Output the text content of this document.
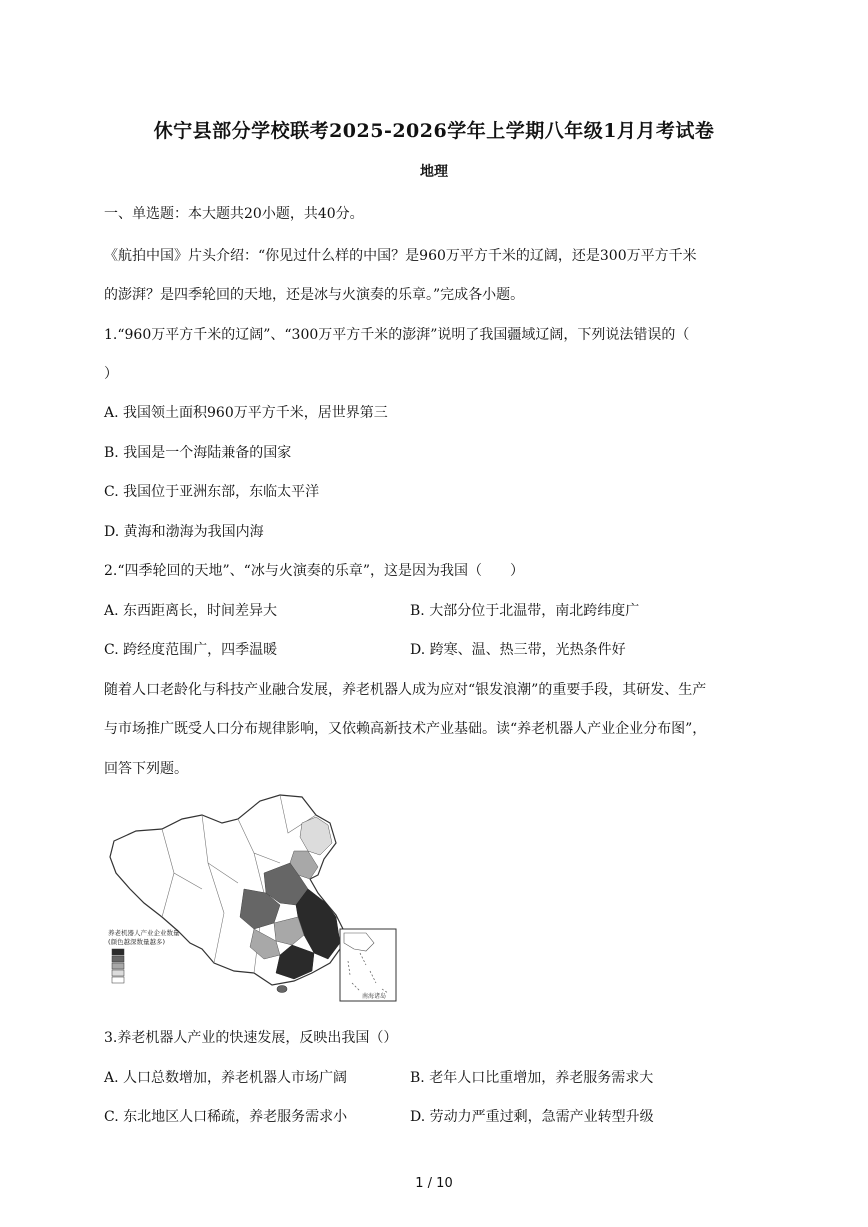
休宁县部分学校联考2025-2026学年上学期八年级1月月考试卷
地理
一、单选题：本大题共20小题，共40分。
《航拍中国》片头介绍：“你见过什么样的中国？是960万平方千米的辽阔，还是300万平方千米
的澎湃？是四季轮回的天地，还是冰与火演奏的乐章。”完成各小题。
1.“960万平方千米的辽阔”、“300万平方千米的澎湃”说明了我国疆域辽阔，下列说法错误的（
）
A. 我国领土面积960万平方千米，居世界第三
B. 我国是一个海陆兼备的国家
C. 我国位于亚洲东部，东临太平洋
D. 黄海和渤海为我国内海
2.“四季轮回的天地”、“冰与火演奏的乐章”，这是因为我国（　　）
A. 东西距离长，时间差异大	B. 大部分位于北温带，南北跨纬度广
C. 跨经度范围广，四季温暖	D. 跨寒、温、热三带，光热条件好
随着人口老龄化与科技产业融合发展，养老机器人成为应对“银发浪潮”的重要手段，其研发、生产
与市场推广既受人口分布规律影响，又依赖高新技术产业基础。读“养老机器人产业企业分布图”，
回答下列题。
南海诸岛
养老机器人产业企业数量
(颜色越深数量越多)
3.养老机器人产业的快速发展，反映出我国（）
A. 人口总数增加，养老机器人市场广阔	B. 老年人口比重增加，养老服务需求大
C. 东北地区人口稀疏，养老服务需求小	D. 劳动力严重过剩，急需产业转型升级
1 / 10
